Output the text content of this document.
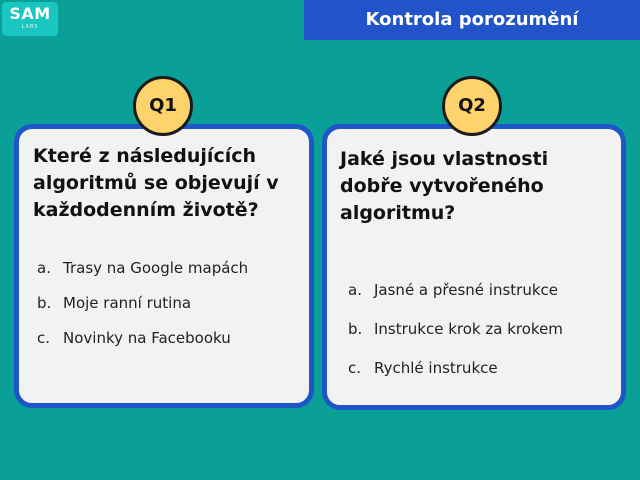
SAM
LABS	Kontrola porozumění

Které z následujících algoritmů se objevují v každodenním životě?

a. Trasy na Google mapách
b. Moje ranní rutina
c. Novinky na Facebooku

Jaké jsou vlastnosti dobře vytvořeného algoritmu?

a. Jasné a přesné instrukce
b. Instrukce krok za krokem
c. Rychlé instrukce
Q1	Q2
